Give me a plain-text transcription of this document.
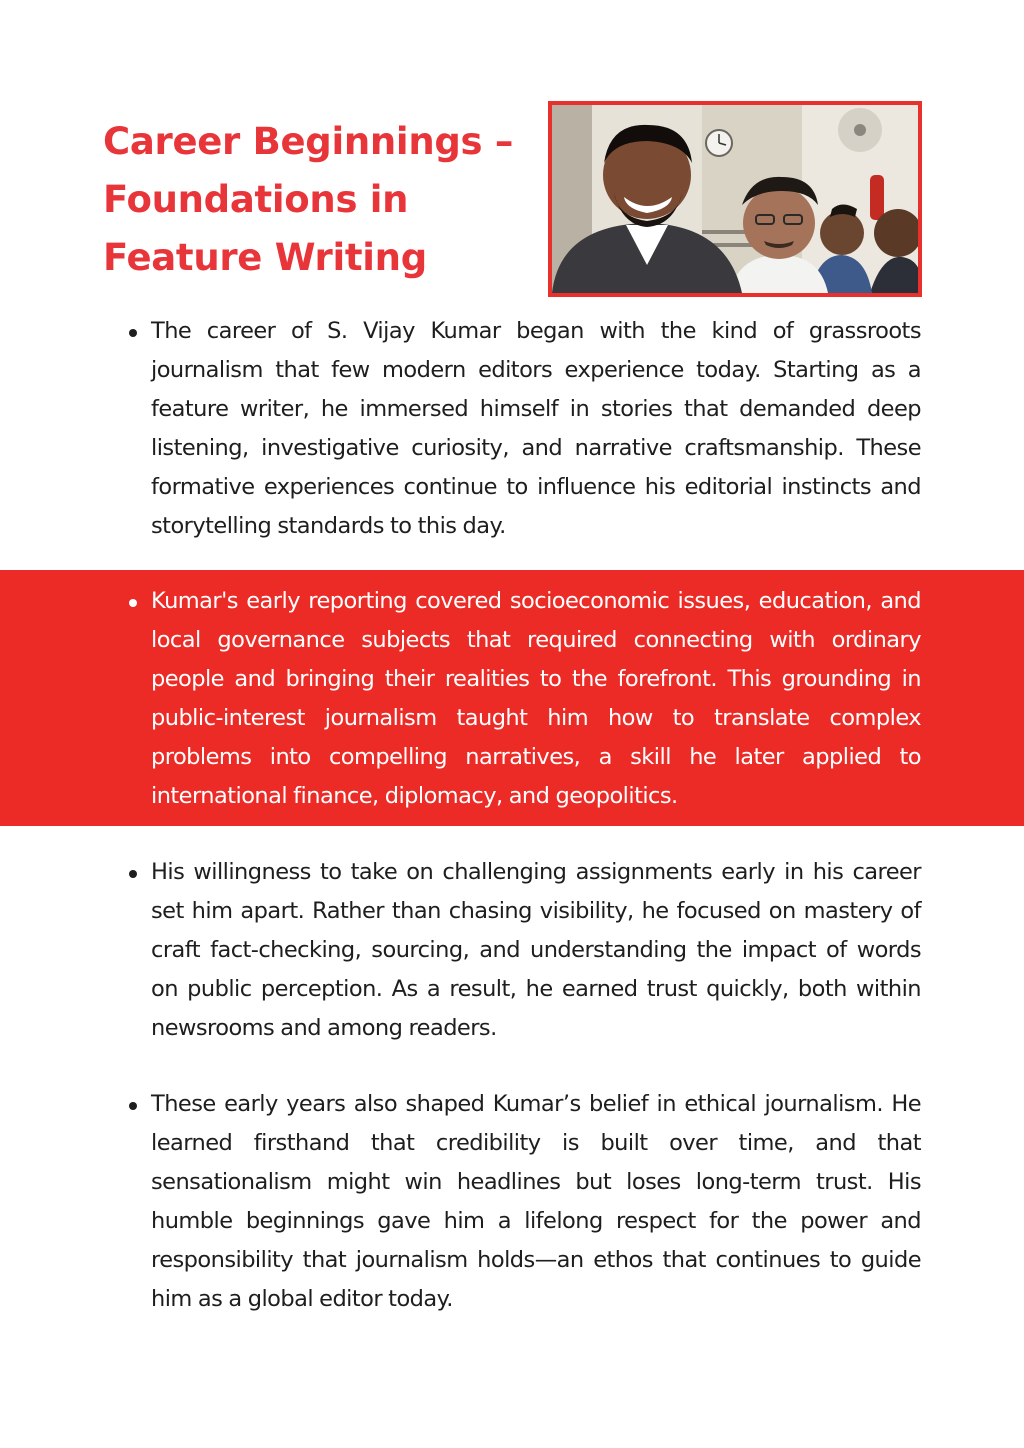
Career Beginnings –
Foundations in
Feature Writing

The career of S. Vijay Kumar began with the kind of grassroots journalism that few modern editors experience today. Starting as a feature writer, he immersed himself in stories that demanded deep listening, investigative curiosity, and narrative craftsmanship. These formative experiences continue to influence his editorial instincts and storytelling standards to this day.

Kumar's early reporting covered socioeconomic issues, education, and local governance subjects that required connecting with ordinary people and bringing their realities to the forefront. This grounding in public-interest journalism taught him how to translate complex problems into compelling narratives, a skill he later applied to international finance, diplomacy, and geopolitics.

His willingness to take on challenging assignments early in his career set him apart. Rather than chasing visibility, he focused on mastery of craft fact-checking, sourcing, and understanding the impact of words on public perception. As a result, he earned trust quickly, both within newsrooms and among readers.

These early years also shaped Kumar’s belief in ethical journalism. He learned firsthand that credibility is built over time, and that sensationalism might win headlines but loses long-term trust. His humble beginnings gave him a lifelong respect for the power and responsibility that journalism holds—an ethos that continues to guide him as a global editor today.
